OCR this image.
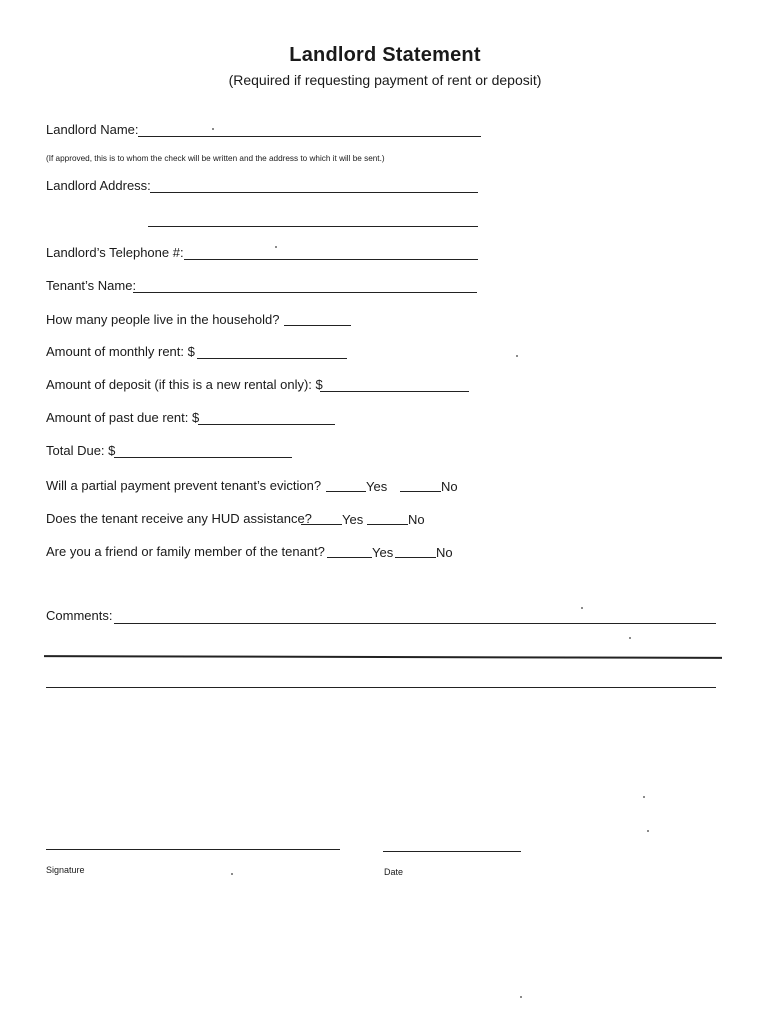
Landlord Statement
(Required if requesting payment of rent or deposit)
Landlord Name:
(If approved, this is to whom the check will be written and the address to which it will be sent.)
Landlord Address:
Landlord’s Telephone #:
Tenant’s Name:
How many people live in the household?
Amount of monthly rent: $
Amount of deposit (if this is a new rental only): $
Amount of past due rent: $
Total Due: $
Will a partial payment prevent tenant’s eviction?	Yes	No
Does the tenant receive any HUD assistance? Yes	No
Are you a friend or family member of the tenant?	Yes	No
Comments:
Signature	Date
